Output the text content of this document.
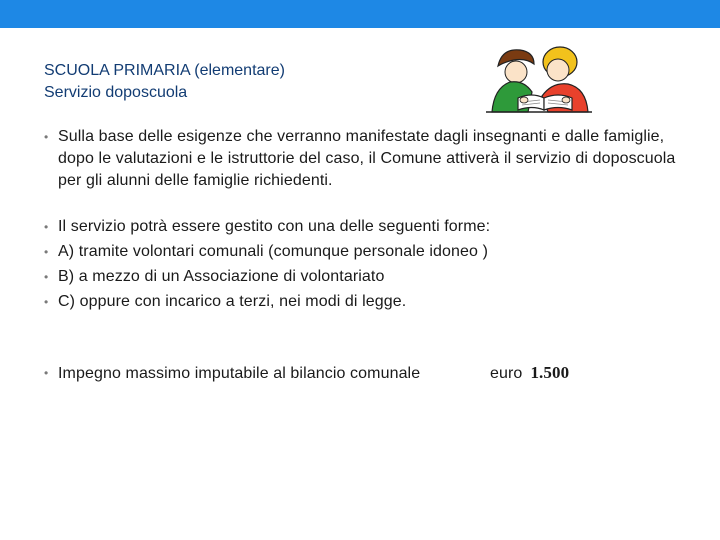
SCUOLA PRIMARIA (elementare)
Servizio doposcuola
• Sulla base delle esigenze che verranno manifestate dagli insegnanti e dalle famiglie, dopo le valutazioni e le istruttorie del caso, il Comune attiverà il servizio di doposcuola per gli alunni delle famiglie richiedenti.
• Il servizio potrà essere gestito con una delle seguenti forme:
• A) tramite volontari comunali (comunque personale idoneo )
• B) a mezzo di un Associazione di volontariato
• C) oppure con incarico a terzi, nei modi di legge.
• Impegno massimo imputabile al bilancio comunale	euro 1.500
